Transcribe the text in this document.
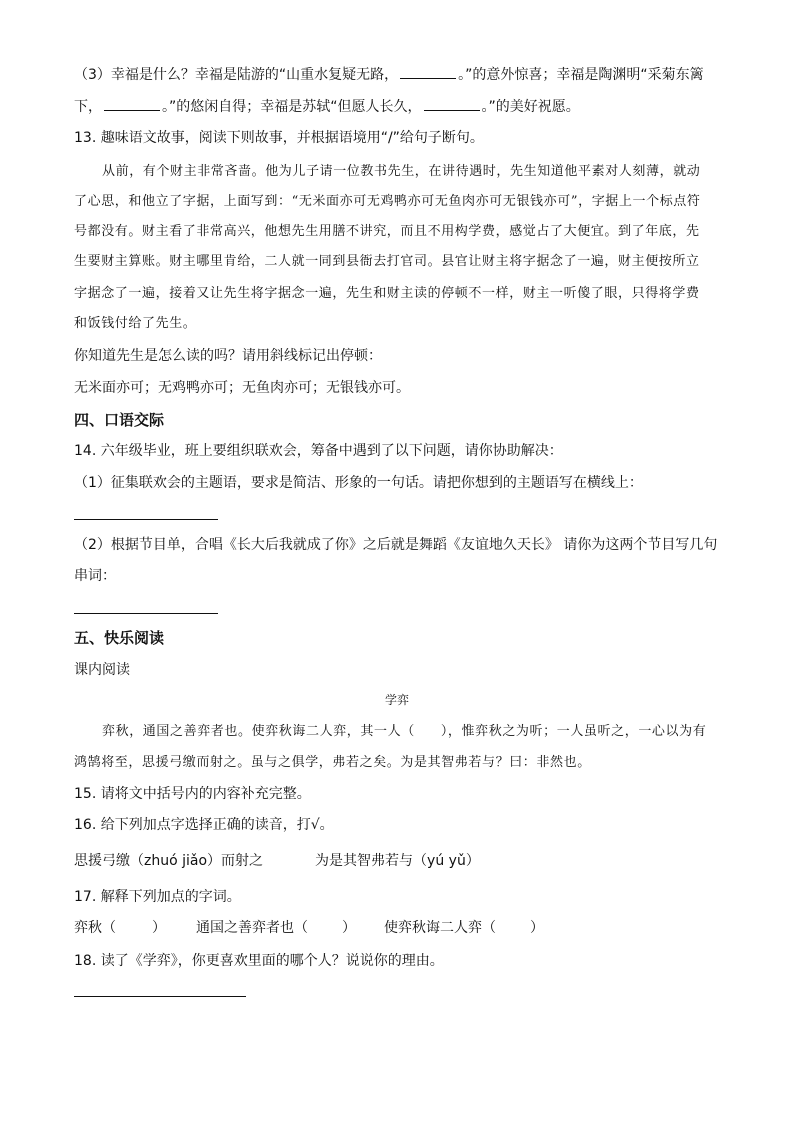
（3）幸福是什么？幸福是陆游的“山重水复疑无路，	。”的意外惊喜；幸福是陶渊明“采菊东篱
下，	。”的悠闲自得；幸福是苏轼“但愿人长久，	。”的美好祝愿。
13. 趣味语文故事，阅读下则故事，并根据语境用“/”给句子断句。
从前，有个财主非常吝啬。他为儿子请一位教书先生，在讲待遇时，先生知道他平素对人刻薄，就动
了心思，和他立了字据，上面写到：“无米面亦可无鸡鸭亦可无鱼肉亦可无银钱亦可”，字据上一个标点符
号都没有。财主看了非常高兴，他想先生用膳不讲究，而且不用构学费，感觉占了大便宜。到了年底，先
生要财主算账。财主哪里肯给，二人就一同到县衙去打官司。县官让财主将字据念了一遍，财主便按所立
字据念了一遍，接着又让先生将字据念一遍，先生和财主读的停顿不一样，财主一听傻了眼，只得将学费
和饭钱付给了先生。
你知道先生是怎么读的吗？请用斜线标记出停顿：
无米面亦可；无鸡鸭亦可；无鱼肉亦可；无银钱亦可。
四、口语交际
14. 六年级毕业，班上要组织联欢会，筹备中遇到了以下问题，请你协助解决：
（1）征集联欢会的主题语，要求是简洁、形象的一句话。请把你想到的主题语写在横线上：
（2）根据节目单，合唱《长大后我就成了你》之后就是舞蹈《友谊地久天长》 请你为这两个节目写几句
串词：
五、快乐阅读
课内阅读
学弈
弈秋，通国之善弈者也。使弈秋诲二人弈，其一人（ ），惟弈秋之为听；一人虽听之，一心以为有
鸿鹄将至，思援弓缴而射之。虽与之俱学，弗若之矣。为是其智弗若与？曰：非然也。
15. 请将文中括号内的内容补充完整。
16. 给下列加点字选择正确的读音，打√。
思援弓缴（zhuó jiǎo）而射之	为是其智弗若与（yú yǔ）
17. 解释下列加点的字词。
弈秋（	） 通国之善弈者也（ ） 使弈秋诲二人弈（ ）
18. 读了《学弈》，你更喜欢里面的哪个人？说说你的理由。
